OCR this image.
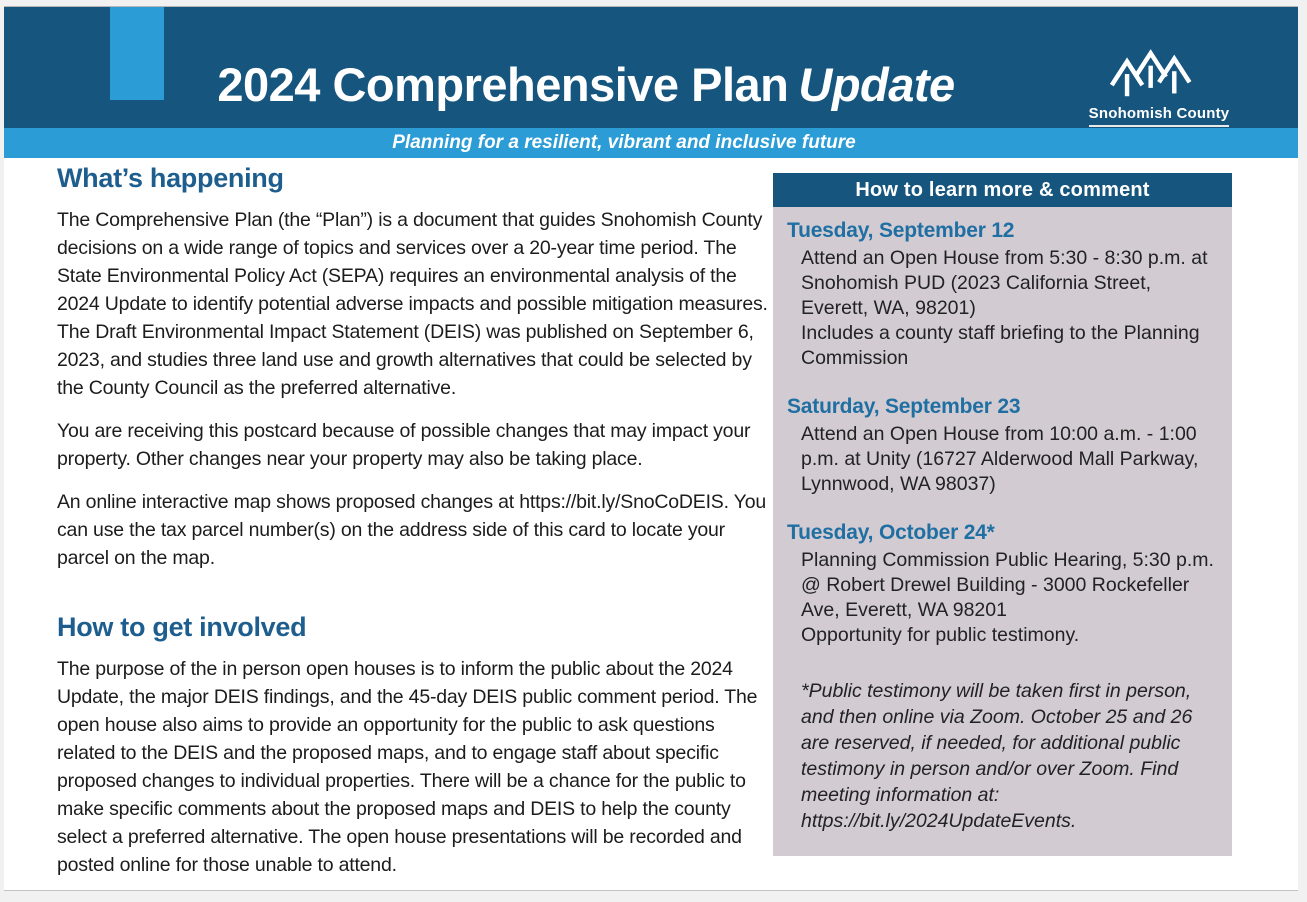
2024 Comprehensive Plan Update
Snohomish County
Planning for a resilient, vibrant and inclusive future
What’s happening

The Comprehensive Plan (the “Plan”) is a document that guides Snohomish County decisions on a wide range of topics and services over a 20-year time period. The State Environmental Policy Act (SEPA) requires an environmental analysis of the 2024 Update to identify potential adverse impacts and possible mitigation measures. The Draft Environmental Impact Statement (DEIS) was published on September 6, 2023, and studies three land use and growth alternatives that could be selected by the County Council as the preferred alternative.

You are receiving this postcard because of possible changes that may impact your property. Other changes near your property may also be taking place.

An online interactive map shows proposed changes at https://bit.ly/SnoCoDEIS. You can use the tax parcel number(s) on the address side of this card to locate your parcel on the map.

How to get involved

The purpose of the in person open houses is to inform the public about the 2024 Update, the major DEIS findings, and the 45-day DEIS public comment period. The open house also aims to provide an opportunity for the public to ask questions related to the DEIS and the proposed maps, and to engage staff about specific proposed changes to individual properties. There will be a chance for the public to make specific comments about the proposed maps and DEIS to help the county select a preferred alternative. The open house presentations will be recorded and posted online for those unable to attend.

How to learn more & comment
Tuesday, September 12
Attend an Open House from 5:30 - 8:30 p.m. at Snohomish PUD (2023 California Street, Everett, WA, 98201)
Includes a county staff briefing to the Planning Commission
Saturday, September 23
Attend an Open House from 10:00 a.m. - 1:00 p.m. at Unity (16727 Alderwood Mall Parkway, Lynnwood, WA 98037)
Tuesday, October 24*
Planning Commission Public Hearing, 5:30 p.m. @ Robert Drewel Building - 3000 Rockefeller Ave, Everett, WA 98201
Opportunity for public testimony.
*Public testimony will be taken first in person, and then online via Zoom. October 25 and 26 are reserved, if needed, for additional public testimony in person and/or over Zoom. Find meeting information at: https://bit.ly/2024UpdateEvents.
